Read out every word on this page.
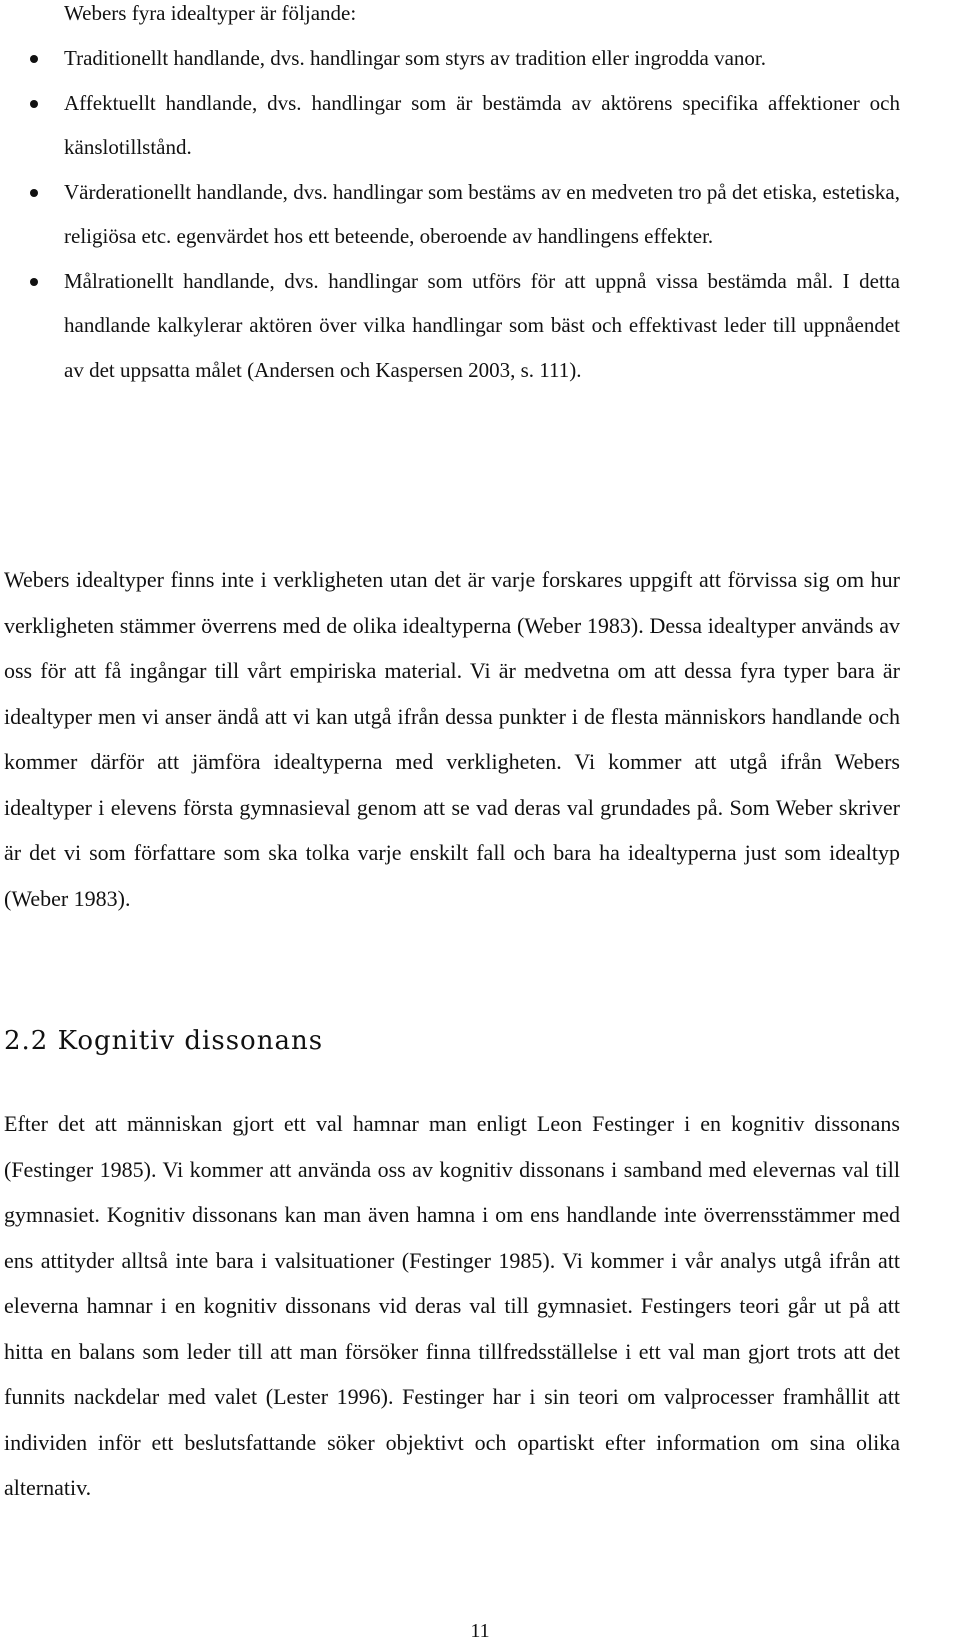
Webers fyra idealtyper är följande:

Traditionellt handlande, dvs. handlingar som styrs av tradition eller ingrodda vanor.
Affektuellt handlande, dvs. handlingar som är bestämda av aktörens specifika affektioner och känslotillstånd.
Värderationellt handlande, dvs. handlingar som bestäms av en medveten tro på det etiska, estetiska, religiösa etc. egenvärdet hos ett beteende, oberoende av handlingens effekter.
Målrationellt handlande, dvs. handlingar som utförs för att uppnå vissa bestämda mål. I detta handlande kalkylerar aktören över vilka handlingar som bäst och effektivast leder till uppnåendet av det uppsatta målet (Andersen och Kaspersen 2003, s. 111).

Webers idealtyper finns inte i verkligheten utan det är varje forskares uppgift att förvissa sig om hur verkligheten stämmer överrens med de olika idealtyperna (Weber 1983). Dessa idealtyper används av oss för att få ingångar till vårt empiriska material. Vi är medvetna om att dessa fyra typer bara är idealtyper men vi anser ändå att vi kan utgå ifrån dessa punkter i de flesta människors handlande och kommer därför att jämföra idealtyperna med verkligheten. Vi kommer att utgå ifrån Webers idealtyper i elevens första gymnasieval genom att se vad deras val grundades på. Som Weber skriver är det vi som författare som ska tolka varje enskilt fall och bara ha idealtyperna just som idealtyp (Weber 1983).

2.2 Kognitiv dissonans

Efter det att människan gjort ett val hamnar man enligt Leon Festinger i en kognitiv dissonans (Festinger 1985). Vi kommer att använda oss av kognitiv dissonans i samband med elevernas val till gymnasiet. Kognitiv dissonans kan man även hamna i om ens handlande inte överrensstämmer med ens attityder alltså inte bara i valsituationer (Festinger 1985). Vi kommer i vår analys utgå ifrån att eleverna hamnar i en kognitiv dissonans vid deras val till gymnasiet. Festingers teori går ut på att hitta en balans som leder till att man försöker finna tillfredsställelse i ett val man gjort trots att det funnits nackdelar med valet (Lester 1996). Festinger har i sin teori om valprocesser framhållit att individen inför ett beslutsfattande söker objektivt och opartiskt efter information om sina olika alternativ.

11
